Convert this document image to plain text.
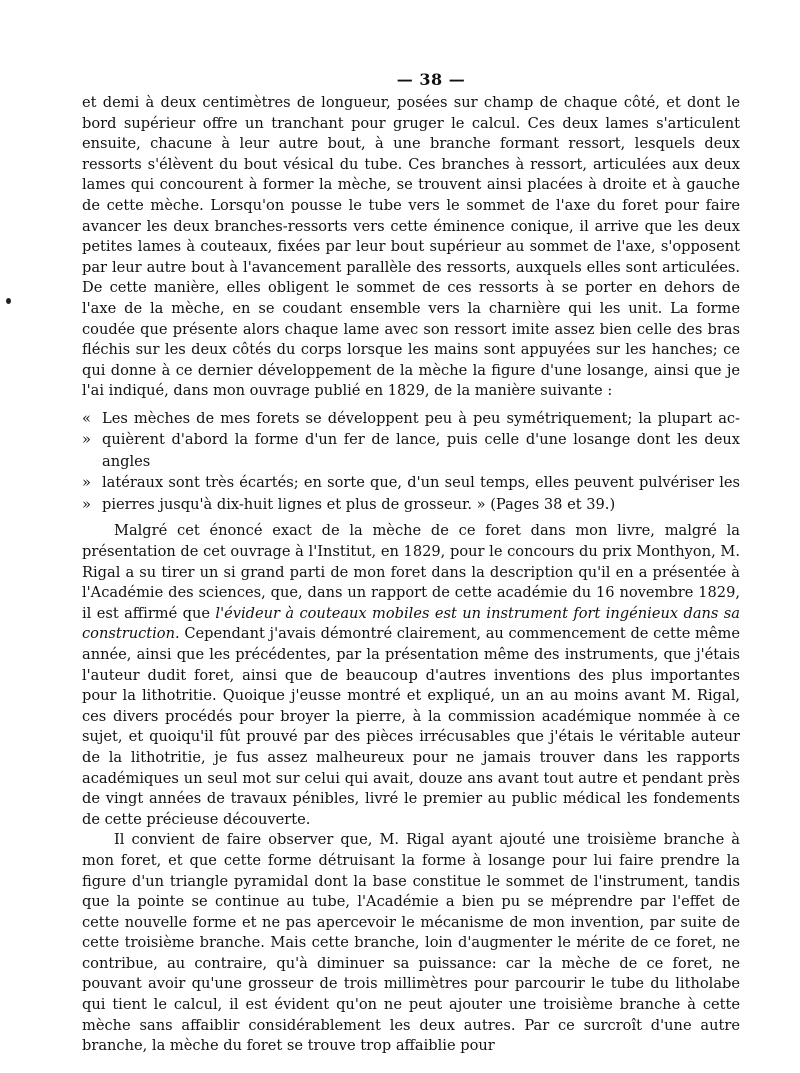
— 38 —

et demi à deux centimètres de longueur, posées sur champ de chaque côté, et dont le bord supérieur offre un tranchant pour gruger le calcul. Ces deux lames s'articulent ensuite, chacune à leur autre bout, à une branche formant ressort, lesquels deux ressorts s'élèvent du bout vésical du tube. Ces branches à ressort, articulées aux deux lames qui concourent à former la mèche, se trouvent ainsi placées à droite et à gauche de cette mèche. Lorsqu'on pousse le tube vers le sommet de l'axe du foret pour faire avancer les deux branches-ressorts vers cette éminence conique, il arrive que les deux petites lames à couteaux, fixées par leur bout supérieur au sommet de l'axe, s'opposent par leur autre bout à l'avancement parallèle des ressorts, auxquels elles sont articulées. De cette manière, elles obligent le sommet de ces ressorts à se porter en dehors de l'axe de la mèche, en se coudant ensemble vers la charnière qui les unit. La forme coudée que présente alors chaque lame avec son ressort imite assez bien celle des bras fléchis sur les deux côtés du corps lorsque les mains sont appuyées sur les hanches; ce qui donne à ce dernier développement de la mèche la figure d'une losange, ainsi que je l'ai indiqué, dans mon ouvrage publié en 1829, de la manière suivante :

« Les mèches de mes forets se développent peu à peu symétriquement; la plupart ac-
» quièrent d'abord la forme d'un fer de lance, puis celle d'une losange dont les deux angles
» latéraux sont très écartés; en sorte que, d'un seul temps, elles peuvent pulvériser les
» pierres jusqu'à dix-huit lignes et plus de grosseur. » (Pages 38 et 39.)

Malgré cet énoncé exact de la mèche de ce foret dans mon livre, malgré la présentation de cet ouvrage à l'Institut, en 1829, pour le concours du prix Monthyon, M. Rigal a su tirer un si grand parti de mon foret dans la description qu'il en a présentée à l'Académie des sciences, que, dans un rapport de cette académie du 16 novembre 1829, il est affirmé que l'évideur à couteaux mobiles est un instrument fort ingénieux dans sa construction. Cependant j'avais démontré clairement, au commencement de cette même année, ainsi que les précédentes, par la présentation même des instruments, que j'étais l'auteur dudit foret, ainsi que de beaucoup d'autres inventions des plus importantes pour la lithotritie. Quoique j'eusse montré et expliqué, un an au moins avant M. Rigal, ces divers procédés pour broyer la pierre, à la commission académique nommée à ce sujet, et quoiqu'il fût prouvé par des pièces irrécusables que j'étais le véritable auteur de la lithotritie, je fus assez malheureux pour ne jamais trouver dans les rapports académiques un seul mot sur celui qui avait, douze ans avant tout autre et pendant près de vingt années de travaux pénibles, livré le premier au public médical les fondements de cette précieuse découverte.

Il convient de faire observer que, M. Rigal ayant ajouté une troisième branche à mon foret, et que cette forme détruisant la forme à losange pour lui faire prendre la figure d'un triangle pyramidal dont la base constitue le sommet de l'instrument, tandis que la pointe se continue au tube, l'Académie a bien pu se méprendre par l'effet de cette nouvelle forme et ne pas apercevoir le mécanisme de mon invention, par suite de cette troisième branche. Mais cette branche, loin d'augmenter le mérite de ce foret, ne contribue, au contraire, qu'à diminuer sa puissance: car la mèche de ce foret, ne pouvant avoir qu'une grosseur de trois millimètres pour parcourir le tube du litholabe qui tient le calcul, il est évident qu'on ne peut ajouter une troisième branche à cette mèche sans affaiblir considérablement les deux autres. Par ce surcroît d'une autre branche, la mèche du foret se trouve trop affaiblie pour
